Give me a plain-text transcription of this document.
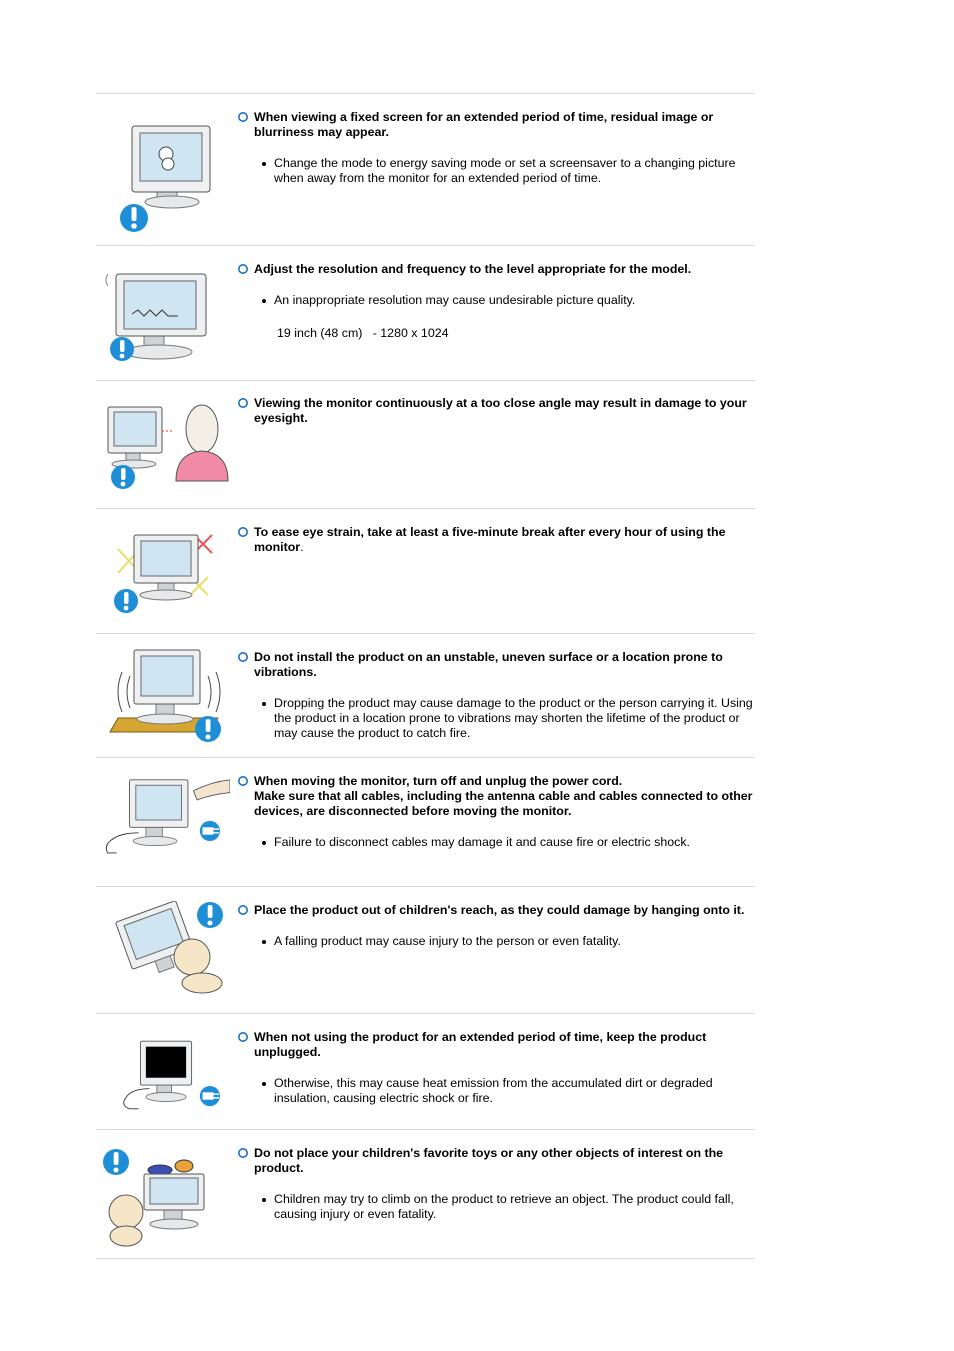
When viewing a fixed screen for an extended period of time, residual image or blurriness may appear.

Change the mode to energy saving mode or set a screensaver to a changing picture when away from the monitor for an extended period of time.

Adjust the resolution and frequency to the level appropriate for the model.

An inappropriate resolution may cause undesirable picture quality.
19 inch (48 cm)   - 1280 x 1024

Viewing the monitor continuously at a too close angle may result in damage to your eyesight.

To ease eye strain, take at least a five-minute break after every hour of using the monitor.

Do not install the product on an unstable, uneven surface or a location prone to vibrations.

Dropping the product may cause damage to the product or the person carrying it. Using the product in a location prone to vibrations may shorten the lifetime of the product or may cause the product to catch fire.

When moving the monitor, turn off and unplug the power cord.
Make sure that all cables, including the antenna cable and cables connected to other devices, are disconnected before moving the monitor.

Failure to disconnect cables may damage it and cause fire or electric shock.

Place the product out of children's reach, as they could damage by hanging onto it.

A falling product may cause injury to the person or even fatality.

When not using the product for an extended period of time, keep the product unplugged.

Otherwise, this may cause heat emission from the accumulated dirt or degraded insulation, causing electric shock or fire.

Do not place your children's favorite toys or any other objects of interest on the product.

Children may try to climb on the product to retrieve an object. The product could fall, causing injury or even fatality.
